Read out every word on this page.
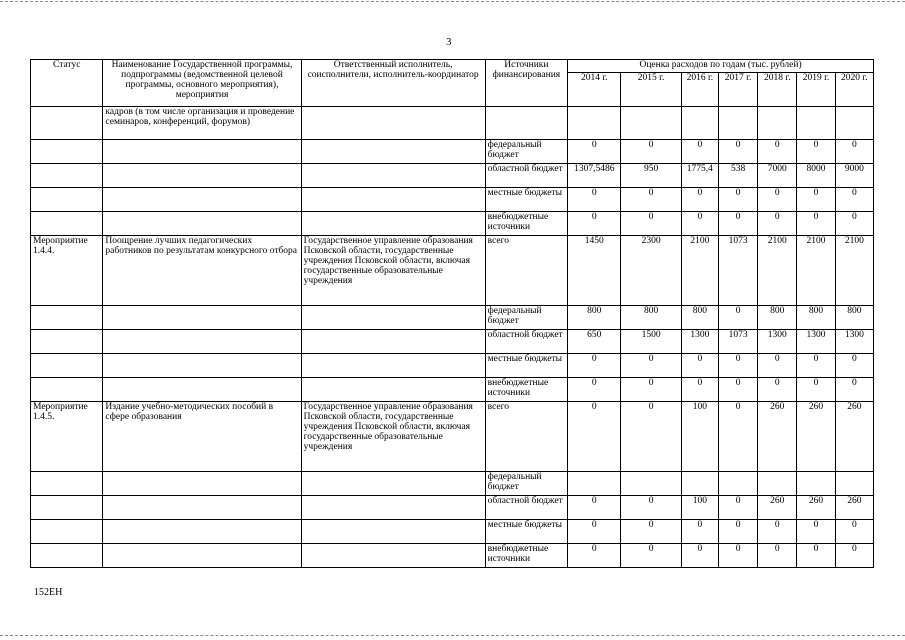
3
Статус	Наименование Государственной программы, подпрограммы (ведомственной целевой программы, основного мероприятия), мероприятия	Ответственный исполнитель, соисполнители, исполнитель-координатор	Источники финансирования	Оценка расходов по годам (тыс. рублей)						
				2014 г.	2015 г.	2016 г.	2017 г.	2018 г.	2019 г.	2020 г.
	кадров (в том числе организация и проведение семинаров, конференций, форумов)									
			федеральный бюджет	0	0	0	0	0	0	0
			областной бюджет	1307,5486	950	1775,4	538	7000	8000	9000
			местные бюджеты	0	0	0	0	0	0	0
			внебюджетные источники	0	0	0	0	0	0	0
Мероприятие 1.4.4.	Поощрение лучших педагогических работников по результатам конкурсного отбора	Государственное управление образования Псковской области, государственные учреждения Псковской области, включая государственные образовательные учреждения	всего	1450	2300	2100	1073	2100	2100	2100
			федеральный бюджет	800	800	800	0	800	800	800
			областной бюджет	650	1500	1300	1073	1300	1300	1300
			местные бюджеты	0	0	0	0	0	0	0
			внебюджетные источники	0	0	0	0	0	0	0
Мероприятие 1.4.5.	Издание учебно-методических пособий в сфере образования	Государственное управление образования Псковской области, государственные учреждения Псковской области, включая государственные образовательные учреждения	всего	0	0	100	0	260	260	260
			федеральный бюджет							
			областной бюджет	0	0	100	0	260	260	260
			местные бюджеты	0	0	0	0	0	0	0
			внебюджетные источники	0	0	0	0	0	0	0
152ЕН
